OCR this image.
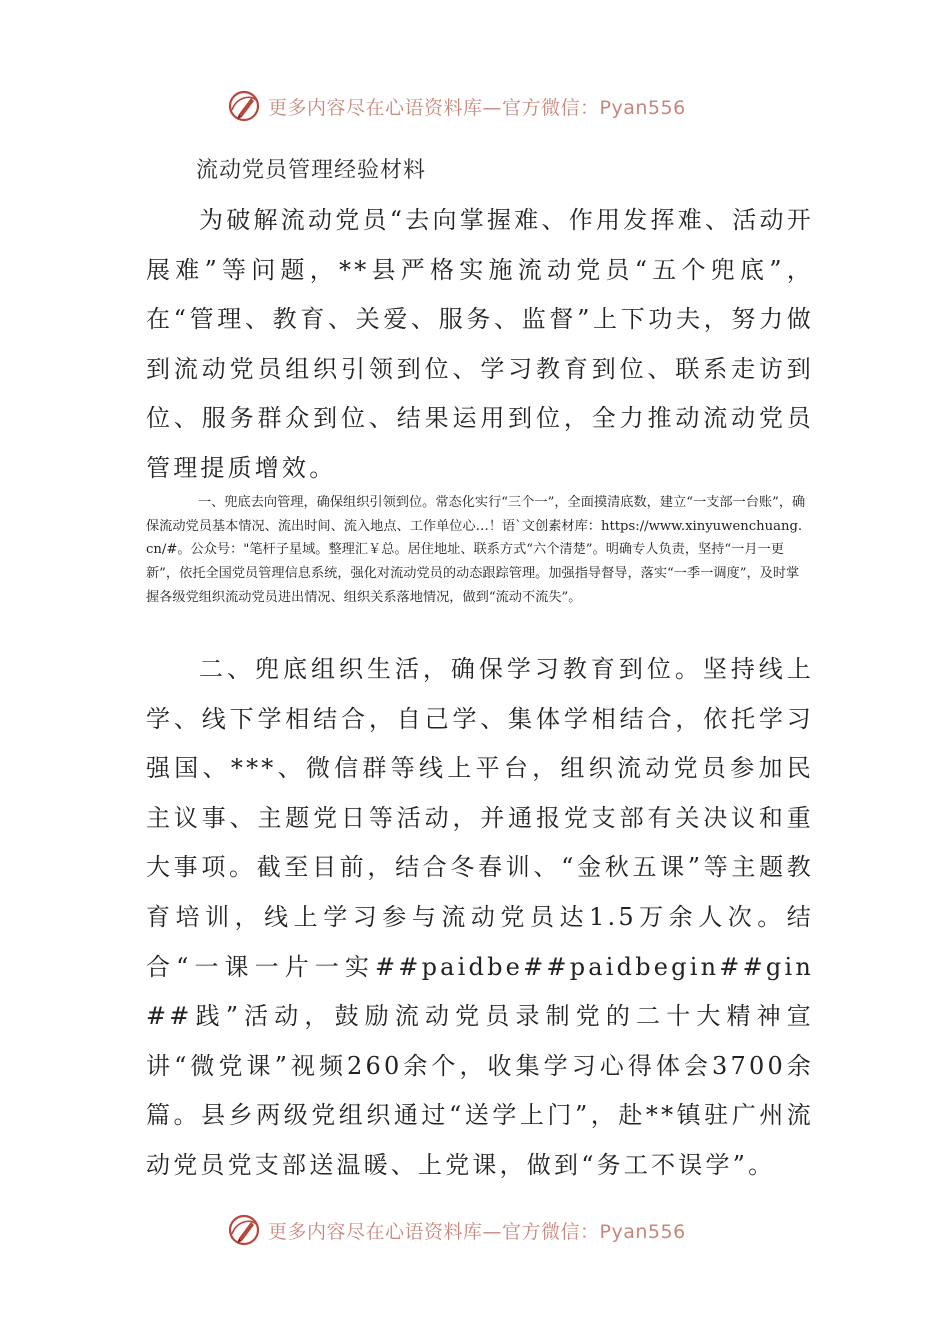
更多内容尽在心语资料库—官方微信：Pyan556
流动党员管理经验材料

为破解流动党员“去向掌握难、作用发挥难、活动开展难”等问题，**县严格实施流动党员“五个兜底”，在“管理、教育、关爱、服务、监督”上下功夫，努力做到流动党员组织引领到位、学习教育到位、联系走访到位、服务群众到位、结果运用到位，全力推动流动党员管理提质增效。

一、兜底去向管理，确保组织引领到位。常态化实行“三个一”，全面摸清底数，建立“一支部一台账”，确保流动党员基本情况、流出时间、流入地点、工作单位心…！语`文创素材库：https://www.xinyuwenchuang.cn/#。公众号："笔杆子星域。整理汇￥总。居住地址、联系方式“六个清楚”。明确专人负责，坚持“一月一更新”，依托全国党员管理信息系统，强化对流动党员的动态跟踪管理。加强指导督导，落实“一季一调度”，及时掌握各级党组织流动党员进出情况、组织关系落地情况，做到“流动不流失”。

二、兜底组织生活，确保学习教育到位。坚持线上学、线下学相结合，自己学、集体学相结合，依托学习强国、***、微信群等线上平台，组织流动党员参加民主议事、主题党日等活动，并通报党支部有关决议和重大事项。截至目前，结合冬春训、“金秋五课”等主题教育培训，线上学习参与流动党员达1.5万余人次。结合“一课一片一实##paidbe##paidbegin##gin##践”活动，鼓励流动党员录制党的二十大精神宣讲“微党课”视频260余个，收集学习心得体会3700余篇。县乡两级党组织通过“送学上门”，赴**镇驻广州流动党员党支部送温暖、上党课，做到“务工不误学”。

更多内容尽在心语资料库—官方微信：Pyan556
